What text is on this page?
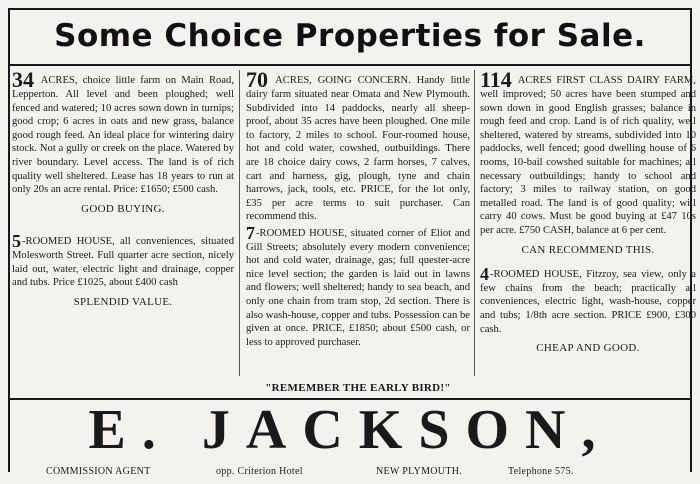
Some Choice Properties for Sale.

34 ACRES, choice little farm on Main Road, Lepperton. All level and been ploughed; well fenced and watered; 10 acres sown down in turnips; good crop; 6 acres in oats and new grass, balance good rough feed. An ideal place for wintering dairy stock. Not a gully or creek on the place. Watered by river boundary. Level access. The land is of rich quality well sheltered. Lease has 18 years to run at only 20s an acre rental. Price: £1650; £500 cash.

GOOD BUYING.

5-ROOMED HOUSE, all conveniences, situated Molesworth Street. Full quarter acre section, nicely laid out, water, electric light and drainage, copper and tubs. Price £1025, about £400 cash

SPLENDID VALUE.

70 ACRES, GOING CONCERN. Handy little dairy farm situated near Omata and New Plymouth. Subdivided into 14 paddocks, nearly all sheep-proof, about 35 acres have been ploughed. One mile to factory, 2 miles to school. Four-roomed house, hot and cold water, cowshed, outbuildings. There are 18 choice dairy cows, 2 farm horses, 7 calves, cart and harness, gig, plough, tyne and chain harrows, jack, tools, etc. PRICE, for the lot only, £35 per acre terms to suit purchaser. Can recommend this.

7-ROOMED HOUSE, situated corner of Eliot and Gill Streets; absolutely every modern convenience; hot and cold water, drainage, gas; full quester-acre nice level section; the garden is laid out in lawns and flowers; well sheltered; handy to sea beach, and only one chain from tram stop, 2d section. There is also wash-house, copper and tubs. Possession can be given at once. PRICE, £1850; about £500 cash, or less to approved purchaser.

114 ACRES FIRST CLASS DAIRY FARM, well improved; 50 acres have been stumped and sown down in good English grasses; balance in rough feed and crop. Land is of rich quality, well sheltered, watered by streams, subdivided into 10 paddocks, well fenced; good dwelling house of 6 rooms, 10-bail cowshed suitable for machines; all necessary outbuildings; handy to school and factory; 3 miles to railway station, on good metalled road. The land is of good quality; will carry 40 cows. Must be good buying at £47 10s per acre. £750 CASH, balance at 6 per cent.

CAN RECOMMEND THIS.

4-ROOMED HOUSE, Fitzroy, sea view, only a few chains from the beach; practically all conveniences, electric light, wash-house, copper and tubs; 1/8th acre section. PRICE £900, £300 cash.

CHEAP AND GOOD.
"REMEMBER THE EARLY BIRD!"
E. JACKSON,
COMMISSION AGENT	opp. Criterion Hotel	NEW PLYMOUTH.	Telephone 575.
